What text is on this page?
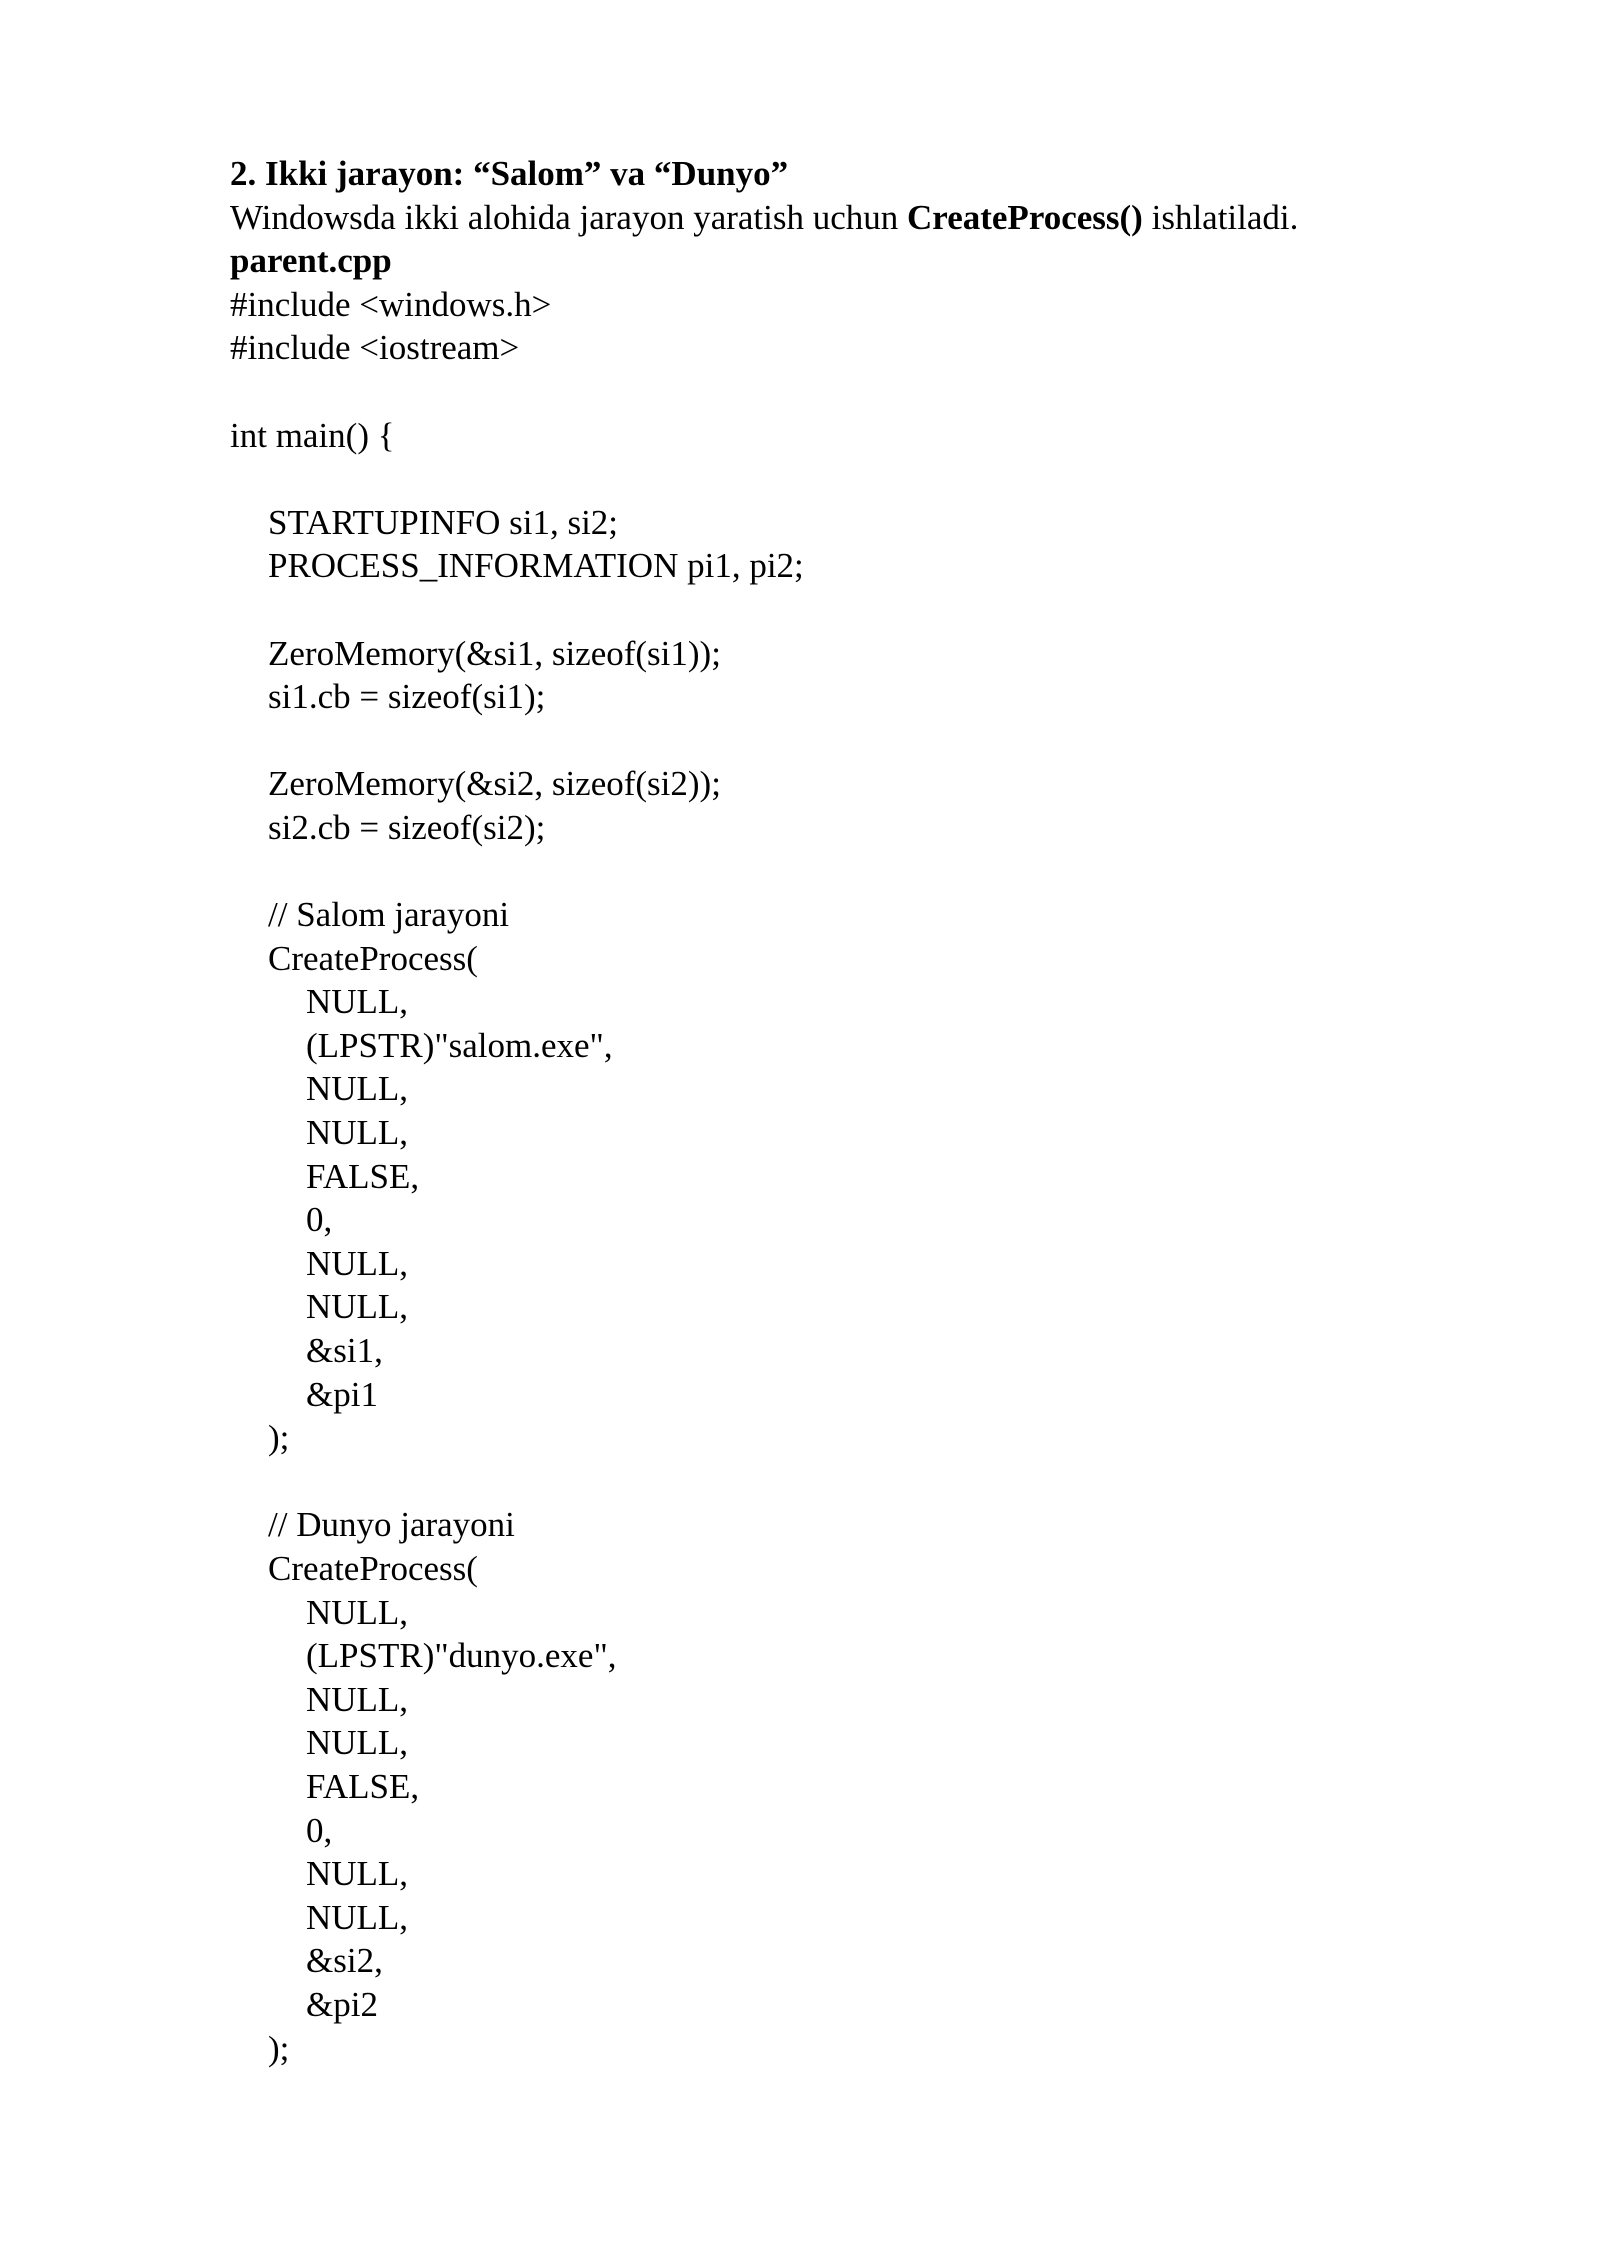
2. Ikki jarayon: “Salom” va “Dunyo”
Windowsda ikki alohida jarayon yaratish uchun CreateProcess() ishlatiladi.
parent.cpp
#include <windows.h>
#include <iostream>
int main() {
STARTUPINFO si1, si2;
PROCESS_INFORMATION pi1, pi2;
ZeroMemory(&si1, sizeof(si1));
si1.cb = sizeof(si1);
ZeroMemory(&si2, sizeof(si2));
si2.cb = sizeof(si2);
// Salom jarayoni
CreateProcess(
NULL,
(LPSTR)"salom.exe",
NULL,
NULL,
FALSE,
0,
NULL,
NULL,
&si1,
&pi1
);
// Dunyo jarayoni
CreateProcess(
NULL,
(LPSTR)"dunyo.exe",
NULL,
NULL,
FALSE,
0,
NULL,
NULL,
&si2,
&pi2
);
